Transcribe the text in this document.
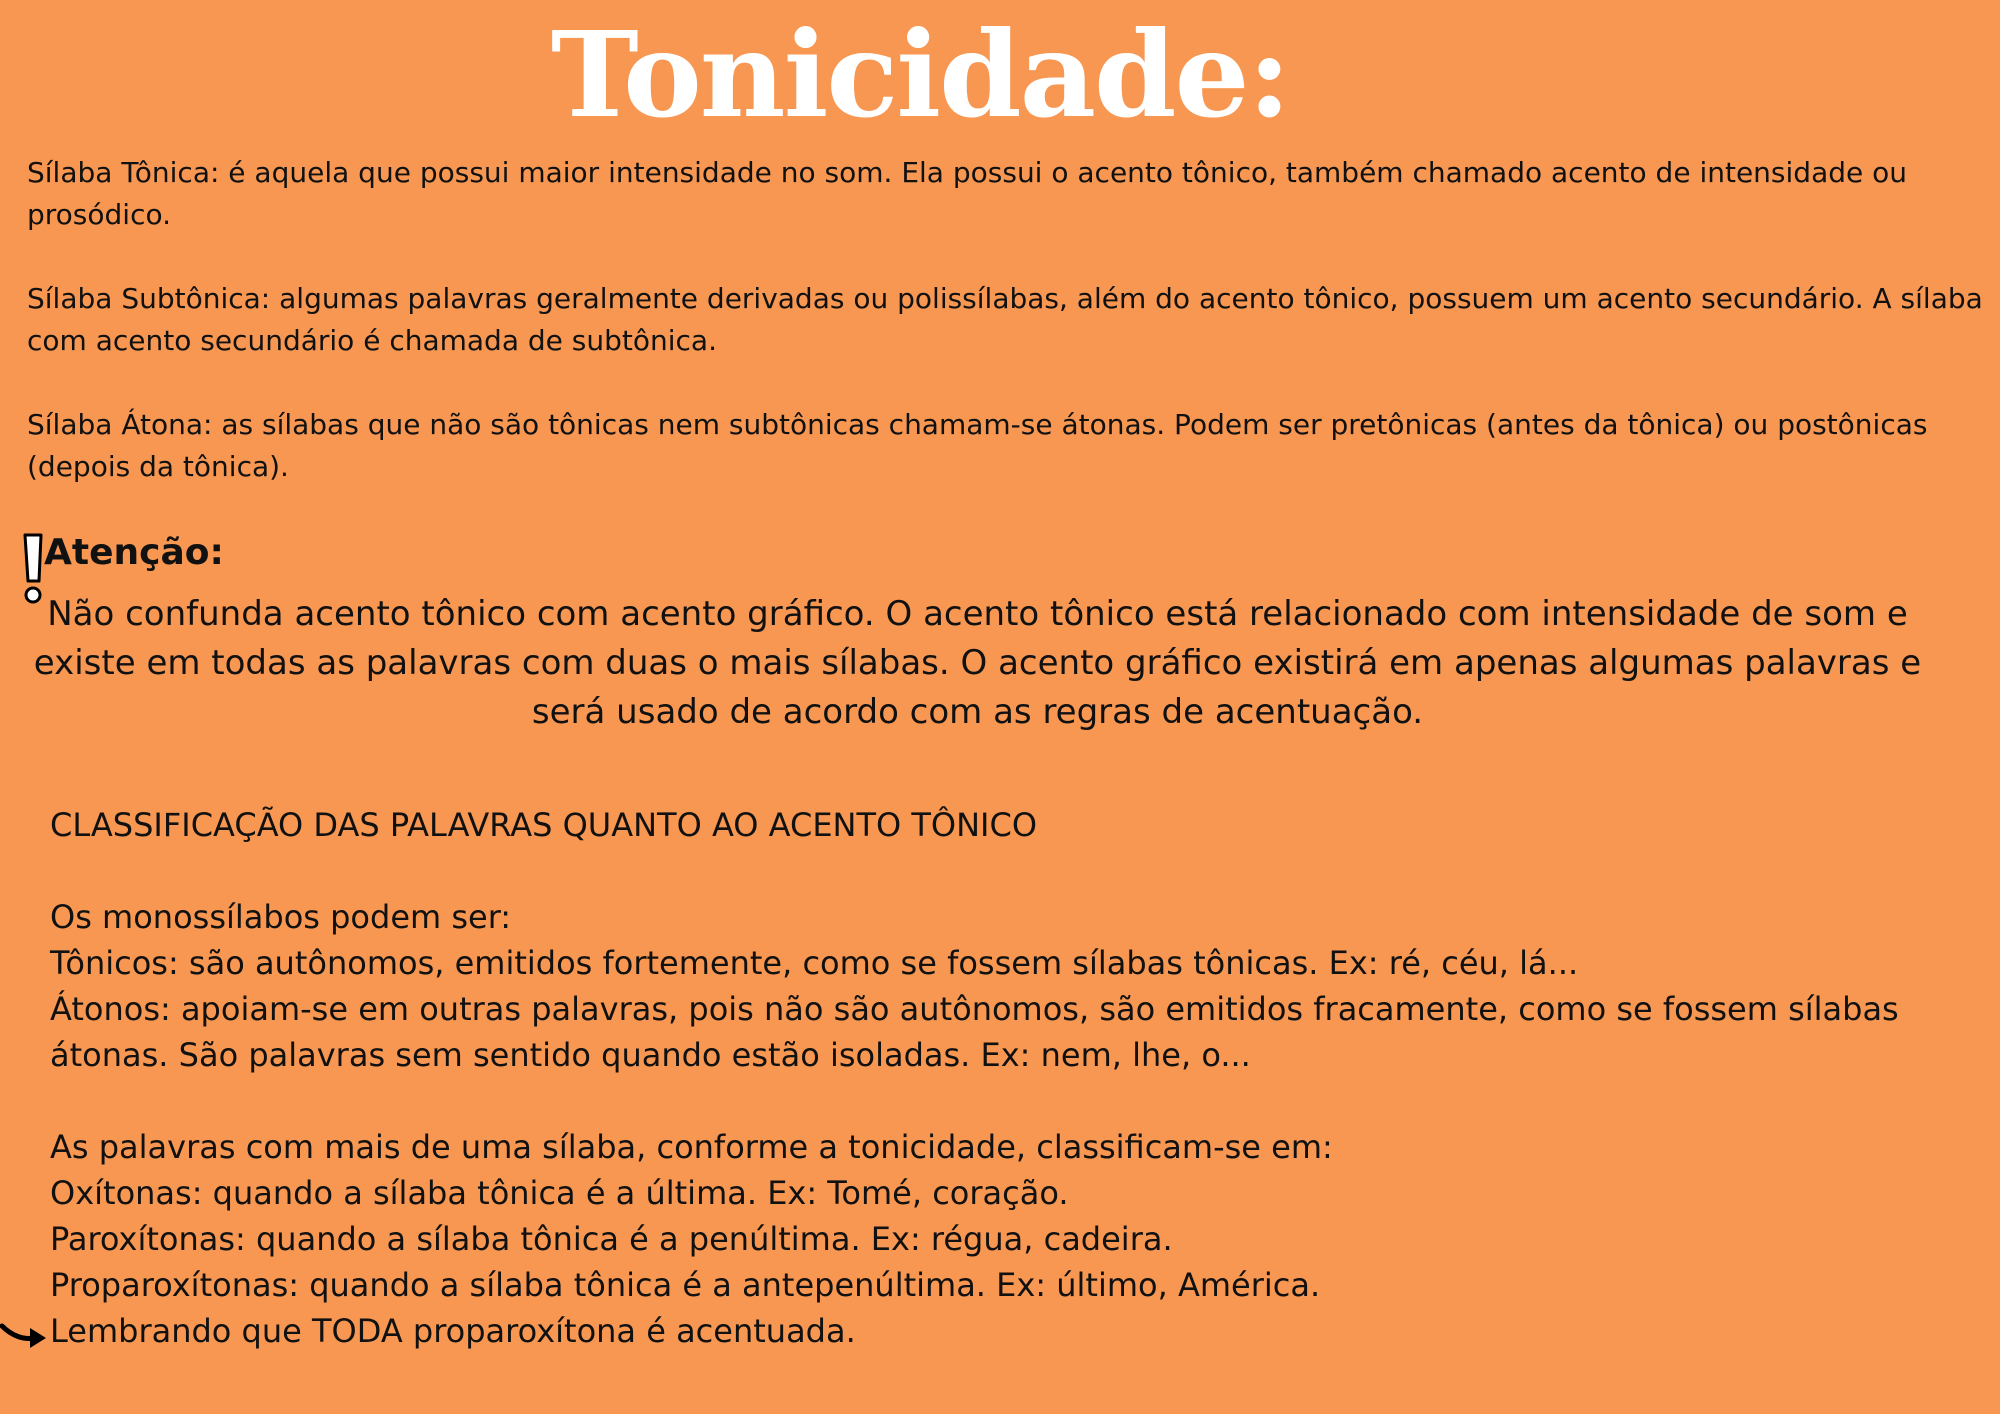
Tonicidade:

Sílaba Tônica: é aquela que possui maior intensidade no som. Ela possui o acento tônico, também chamado acento de intensidade ou prosódico.

Sílaba Subtônica: algumas palavras geralmente derivadas ou polissílabas, além do acento tônico, possuem um acento secundário. A sílaba com acento secundário é chamada de subtônica.

Sílaba Átona: as sílabas que não são tônicas nem subtônicas chamam-se átonas. Podem ser pretônicas (antes da tônica) ou postônicas (depois da tônica).

Atenção:
Não confunda acento tônico com acento gráfico. O acento tônico está relacionado com intensidade de som e existe em todas as palavras com duas o mais sílabas. O acento gráfico existirá em apenas algumas palavras e será usado de acordo com as regras de acentuação.
CLASSIFICAÇÃO DAS PALAVRAS QUANTO AO ACENTO TÔNICO
Os monossílabos podem ser:
Tônicos: são autônomos, emitidos fortemente, como se fossem sílabas tônicas. Ex: ré, céu, lá...
Átonos: apoiam-se em outras palavras, pois não são autônomos, são emitidos fracamente, como se fossem sílabas átonas. São palavras sem sentido quando estão isoladas. Ex: nem, lhe, o...
As palavras com mais de uma sílaba, conforme a tonicidade, classificam-se em:
Oxítonas: quando a sílaba tônica é a última. Ex: Tomé, coração.
Paroxítonas: quando a sílaba tônica é a penúltima. Ex: régua, cadeira.
Proparoxítonas: quando a sílaba tônica é a antepenúltima. Ex: último, América.
Lembrando que TODA proparoxítona é acentuada.
